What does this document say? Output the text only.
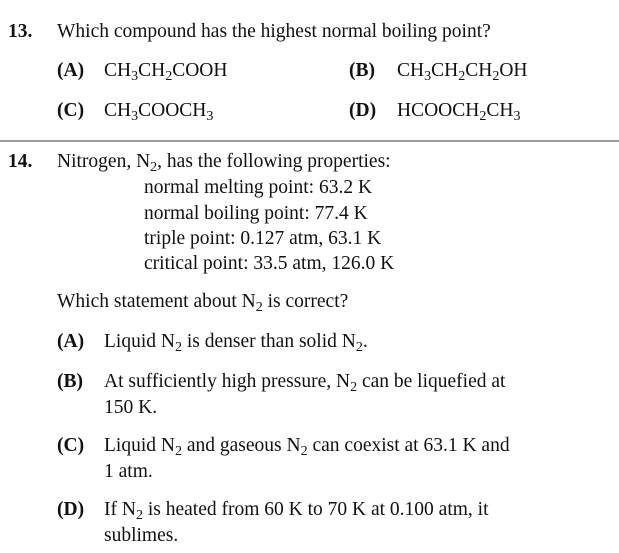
13. Which compound has the highest normal boiling point?
(A) $CH_3CH_2COOH$	(B) $CH_3CH_2CH_2OH$
(C) $CH_3COOCH_3$	(D) $HCOOCH_2CH_3$
14. Nitrogen, $N_2$, has the following properties:
normal melting point: 63.2 K
normal boiling point: 77.4 K
triple point: 0.127 atm, 63.1 K
critical point: 33.5 atm, 126.0 K
Which statement about $N_2$ is correct?
(A) Liquid $N_2$ is denser than solid $N_2$.
(B) At sufficiently high pressure, $N_2$ can be liquefied at
150 K.
(C) Liquid $N_2$ and gaseous $N_2$ can coexist at 63.1 K and
1 atm.
(D) If $N_2$ is heated from 60 K to 70 K at 0.100 atm, it
sublimes.
